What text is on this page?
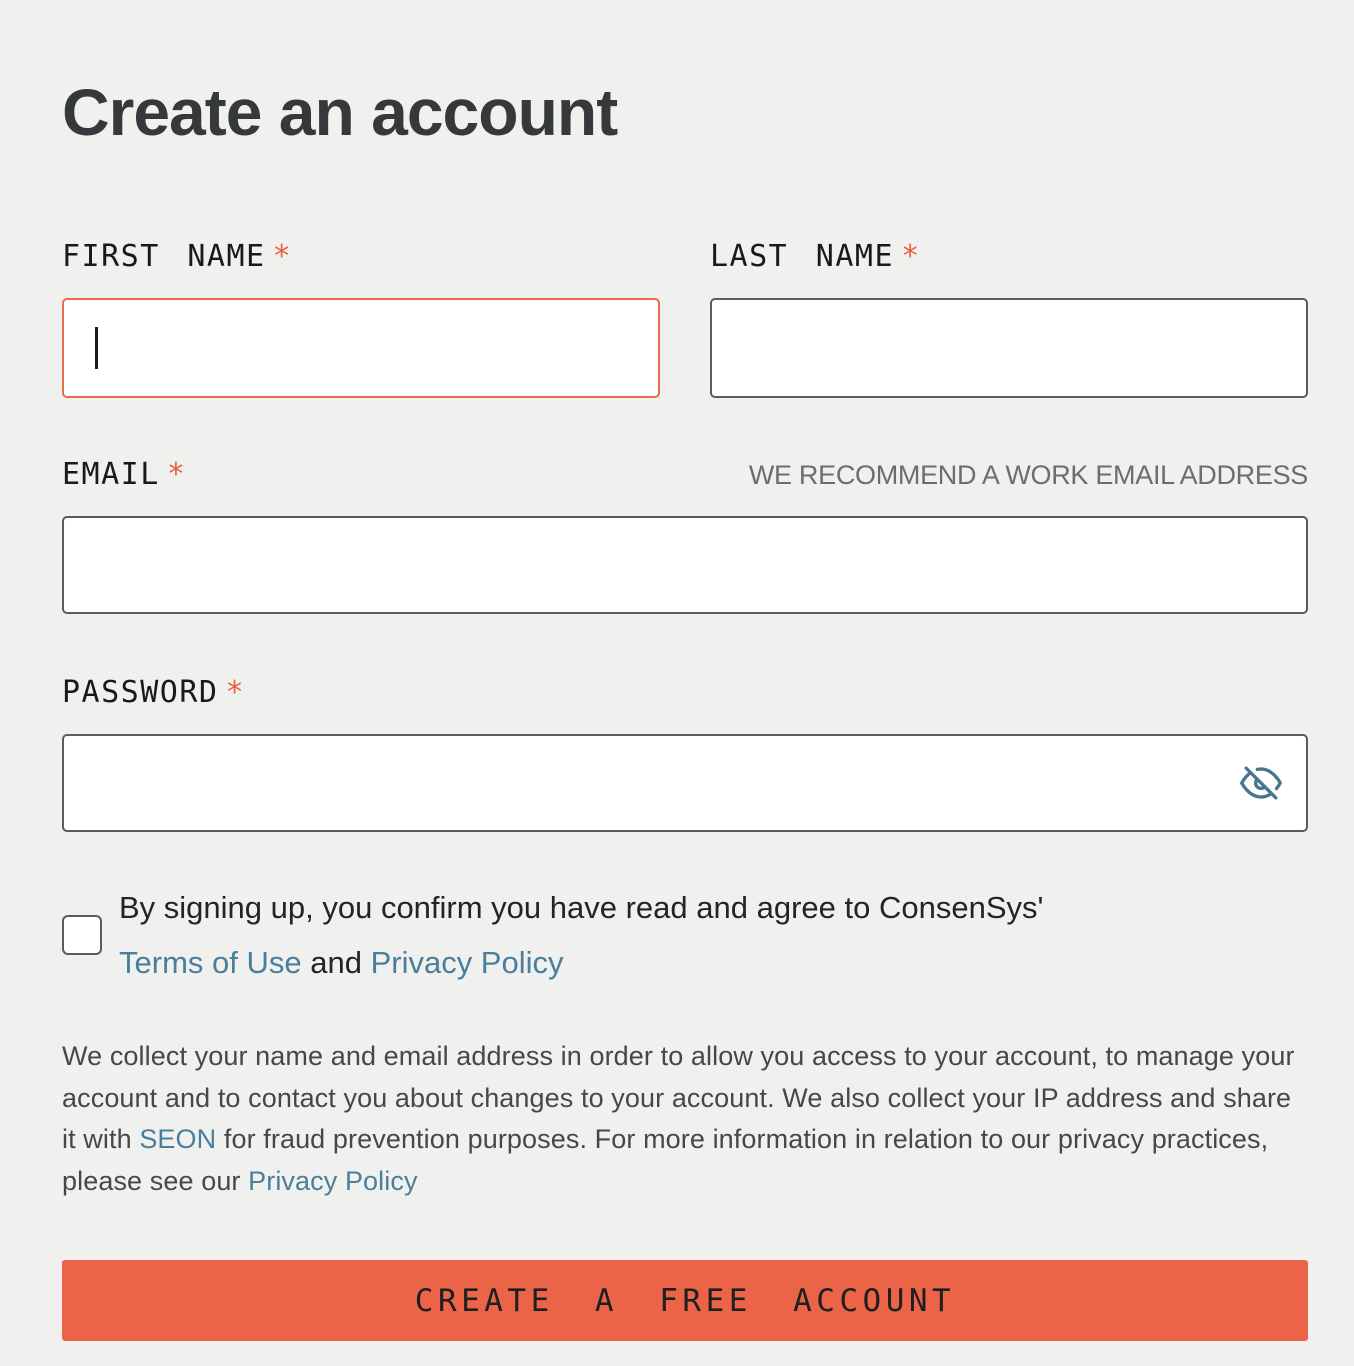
Create an account
FIRST NAME *	LAST NAME *
EMAIL *	WE RECOMMEND A WORK EMAIL ADDRESS
PASSWORD *
By signing up, you confirm you have read and agree to ConsenSys'
Terms of Use and Privacy Policy

We collect your name and email address in order to allow you access to your account, to manage your account and to contact you about changes to your account. We also collect your IP address and share it with SEON for fraud prevention purposes. For more information in relation to our privacy practices, please see our Privacy Policy

CREATE A FREE ACCOUNT
